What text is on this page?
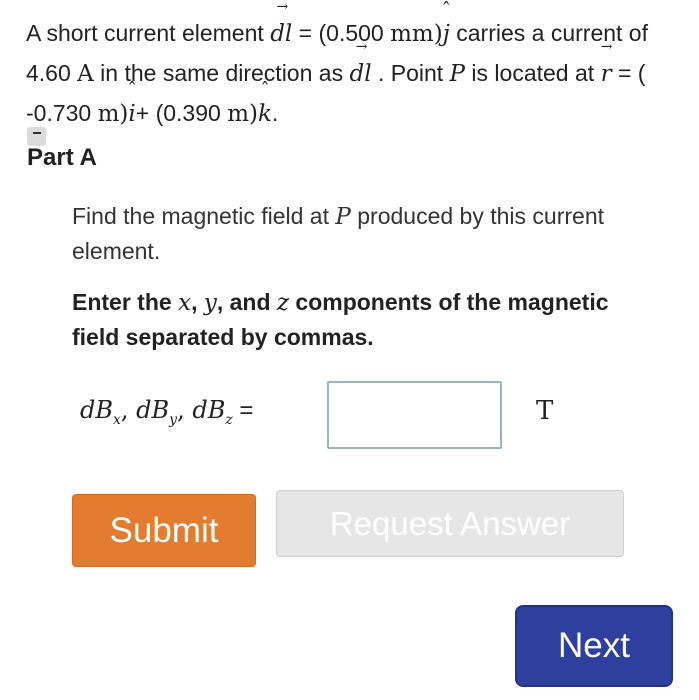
A short current element → dl = (0.500 mm)ˆ j carries a current of 4.60 A in the same direction as → dl . Point P is located at → r = ( -0.730 m)ˆ i+ (0.390 m)ˆ k.

Part A

Find the magnetic field at P produced by this current element.

Enter the x, y, and z components of the magnetic field separated by commas.

$dB_x$, $dB_y$, $dB_z$ =	T
Submit	Request Answer
Next
